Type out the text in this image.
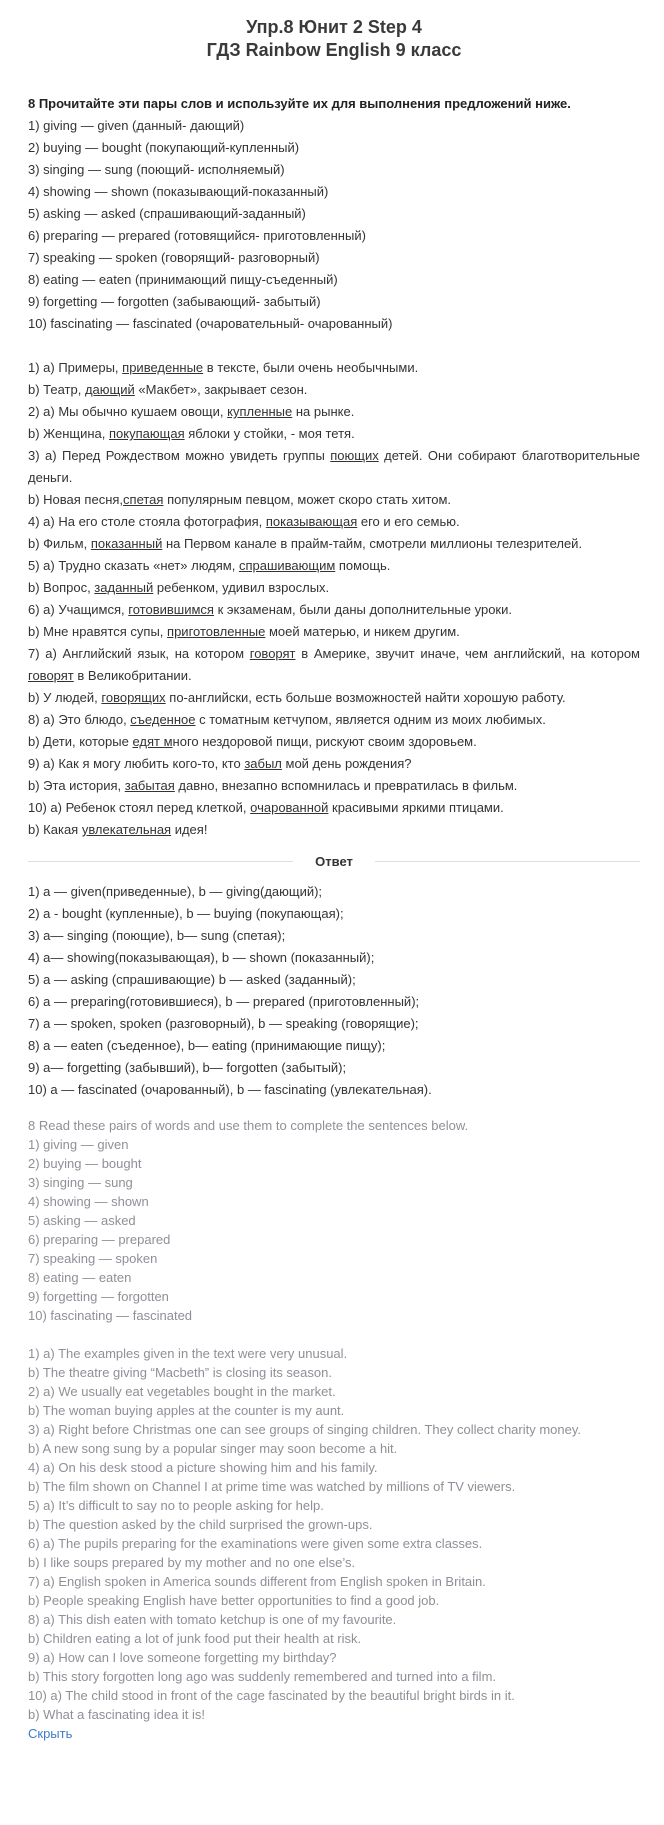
Упр.8 Юнит 2 Step 4
ГДЗ Rainbow English 9 класс
8 Прочитайте эти пары слов и используйте их для выполнения предложений ниже.
1) giving — given (данный- дающий)
2) buying — bought (покупающий-купленный)
3) singing — sung (поющий- исполняемый)
4) showing — shown (показывающий-показанный)
5) asking — asked (спрашивающий-заданный)
6) preparing — prepared (готовящийся- приготовленный)
7) speaking — spoken (говорящий- разговорный)
8) eating — eaten (принимающий пищу-съеденный)
9) forgetting — forgotten (забывающий- забытый)
10) fascinating — fascinated (очаровательный- очарованный)
1) а) Примеры, приведенные в тексте, были очень необычными.
b) Театр, дающий «Макбет», закрывает сезон.
2) а) Мы обычно кушаем овощи, купленные на рынке.
b) Женщина, покупающая яблоки у стойки, - моя тетя.
3) а) Перед Рождеством можно увидеть группы поющих детей. Они собирают благотворительные деньги.
b) Новая песня,спетая популярным певцом, может скоро стать хитом.
4) а) На его столе стояла фотография, показывающая его и его семью.
b) Фильм, показанный на Первом канале в прайм-тайм, смотрели миллионы телезрителей.
5) а) Трудно сказать «нет» людям, спрашивающим помощь.
b) Вопрос, заданный ребенком, удивил взрослых.
6) а) Учащимся, готовившимся к экзаменам, были даны дополнительные уроки.
b) Мне нравятся супы, приготовленные моей матерью, и никем другим.
7) а) Английский язык, на котором говорят в Америке, звучит иначе, чем английский, на котором говорят в Великобритании.
b) У людей, говорящих по-английски, есть больше возможностей найти хорошую работу.
8) а) Это блюдо, съеденное с томатным кетчупом, является одним из моих любимых.
b) Дети, которые едят много нездоровой пищи, рискуют своим здоровьем.
9) а) Как я могу любить кого-то, кто забыл мой день рождения?
b) Эта история, забытая давно, внезапно вспомнилась и превратилась в фильм.
10) а) Ребенок стоял перед клеткой, очарованной красивыми яркими птицами.
b) Какая увлекательная идея!
Ответ
1) a — given(приведенные), b — giving(дающий);
2) a - bought (купленные), b — buying (покупающая);
3) a— singing (поющие), b— sung (спетая);
4) a— showing(показывающая), b — shown (показанный);
5) a — asking (спрашивающие) b — asked (заданный);
6) a — preparing(готовившиеся), b — prepared (приготовленный);
7) a — spoken, spoken (разговорный), b — speaking (говорящие);
8) a — eaten (съеденное), b— eating (принимающие пищу);
9) a— forgetting (забывший), b— forgotten (забытый);
10) a — fascinated (очарованный), b — fascinating (увлекательная).
8 Read these pairs of words and use them to complete the sentences below.
1) giving — given
2) buying — bought
3) singing — sung
4) showing — shown
5) asking — asked
6) preparing — prepared
7) speaking — spoken
8) eating — eaten
9) forgetting — forgotten
10) fascinating — fascinated
1) a) The examples given in the text were very unusual.
b) The theatre giving “Macbeth” is closing its season.
2) a) We usually eat vegetables bought in the market.
b) The woman buying apples at the counter is my aunt.
3) a) Right before Christmas one can see groups of singing children. They collect charity money.
b) A new song sung by a popular singer may soon become a hit.
4) a) On his desk stood a picture showing him and his family.
b) The film shown on Channel I at prime time was watched by millions of TV viewers.
5) a) It’s difficult to say no to people asking for help.
b) The question asked by the child surprised the grown-ups.
6) a) The pupils preparing for the examinations were given some extra classes.
b) I like soups prepared by my mother and no one else’s.
7) a) English spoken in America sounds different from English spoken in Britain.
b) People speaking English have better opportunities to find a good job.
8) a) This dish eaten with tomato ketchup is one of my favourite.
b) Children eating a lot of junk food put their health at risk.
9) a) How can I love someone forgetting my birthday?
b) This story forgotten long ago was suddenly remembered and turned into a film.
10) a) The child stood in front of the cage fascinated by the beautiful bright birds in it.
b) What a fascinating idea it is!
Скрыть
